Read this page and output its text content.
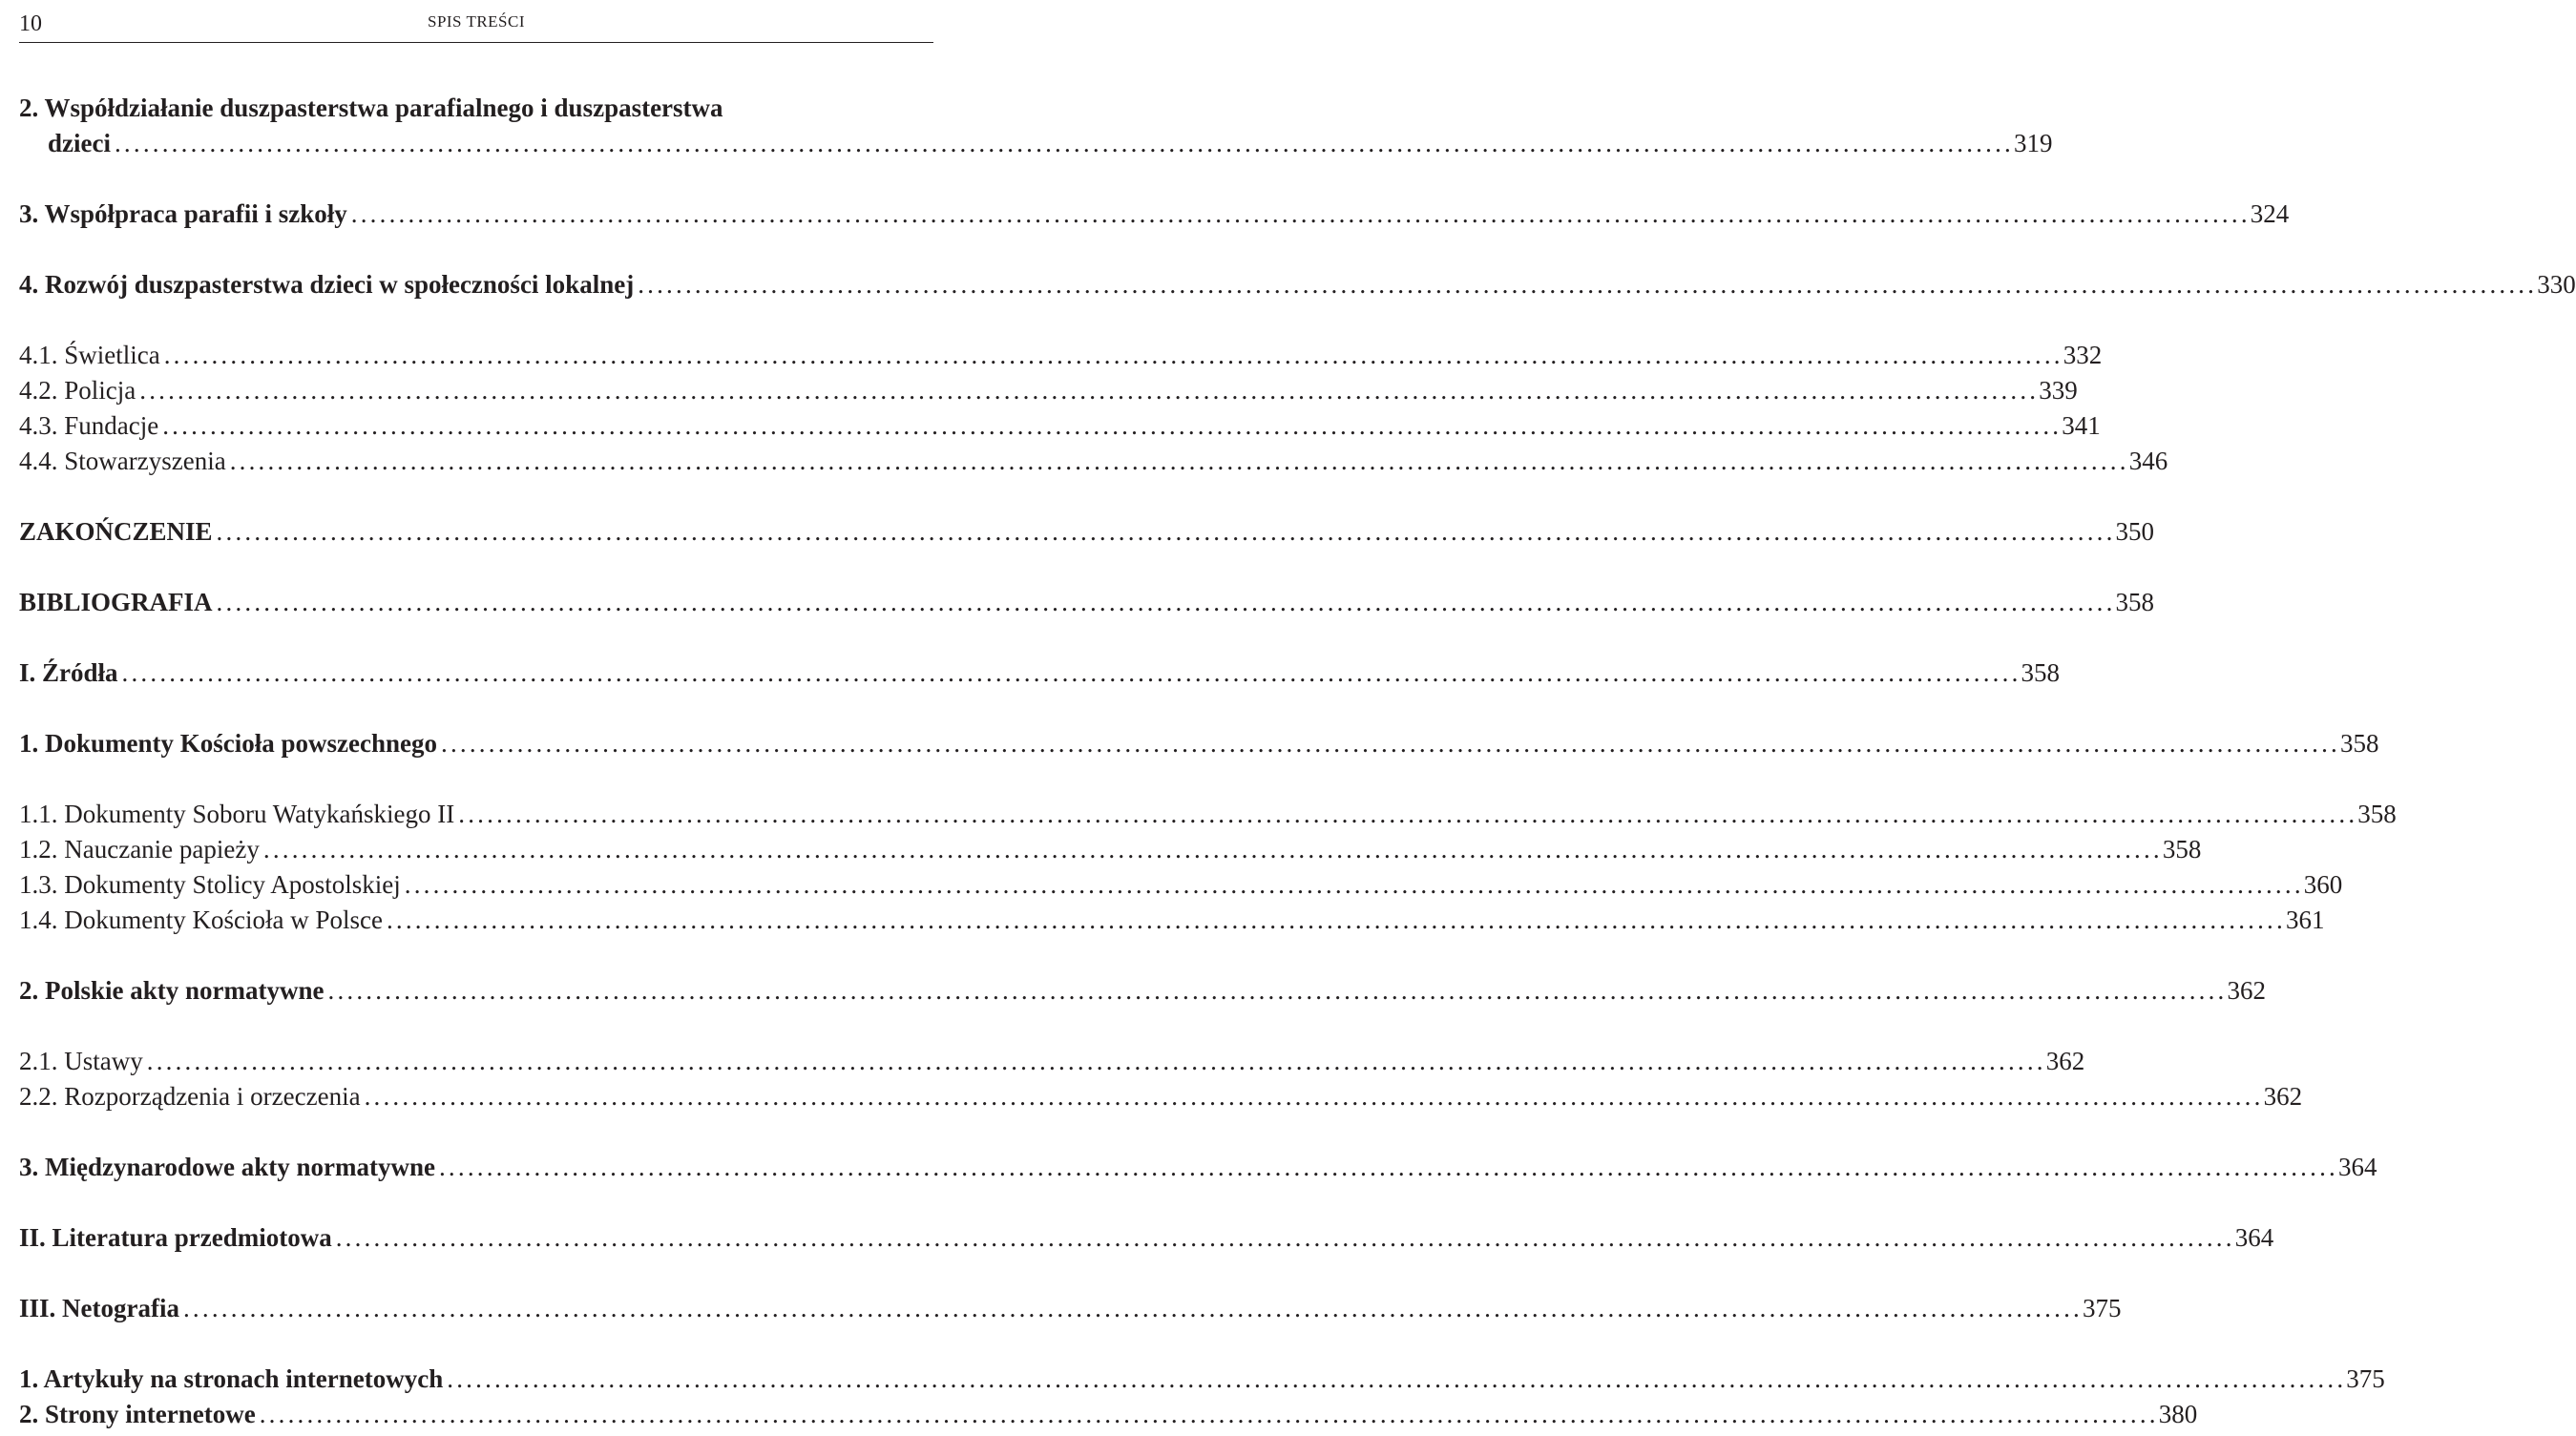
10	SPIS TREŚCI
2. Współdziałanie duszpasterstwa parafialnego i duszpasterstwa
dzieci ........................................................................................................................................................................................................ 319
3. Współpraca parafii i szkoły ........................................................................................................................................................................................................ 324
4. Rozwój duszpasterstwa dzieci w społeczności lokalnej ........................................................................................................................................................................................................ 330
4.1. Świetlica ........................................................................................................................................................................................................ 332
4.2. Policja ........................................................................................................................................................................................................ 339
4.3. Fundacje ........................................................................................................................................................................................................ 341
4.4. Stowarzyszenia ........................................................................................................................................................................................................ 346
ZAKOŃCZENIE ........................................................................................................................................................................................................ 350
BIBLIOGRAFIA ........................................................................................................................................................................................................ 358
I. Źródła ........................................................................................................................................................................................................ 358
1. Dokumenty Kościoła powszechnego ........................................................................................................................................................................................................ 358
1.1. Dokumenty Soboru Watykańskiego II ........................................................................................................................................................................................................ 358
1.2. Nauczanie papieży ........................................................................................................................................................................................................ 358
1.3. Dokumenty Stolicy Apostolskiej ........................................................................................................................................................................................................ 360
1.4. Dokumenty Kościoła w Polsce ........................................................................................................................................................................................................ 361
2. Polskie akty normatywne ........................................................................................................................................................................................................ 362
2.1. Ustawy ........................................................................................................................................................................................................ 362
2.2. Rozporządzenia i orzeczenia ........................................................................................................................................................................................................ 362
3. Międzynarodowe akty normatywne ........................................................................................................................................................................................................ 364
II. Literatura przedmiotowa ........................................................................................................................................................................................................ 364
III. Netografia ........................................................................................................................................................................................................ 375
1. Artykuły na stronach internetowych ........................................................................................................................................................................................................ 375
2. Strony internetowe ........................................................................................................................................................................................................ 380
